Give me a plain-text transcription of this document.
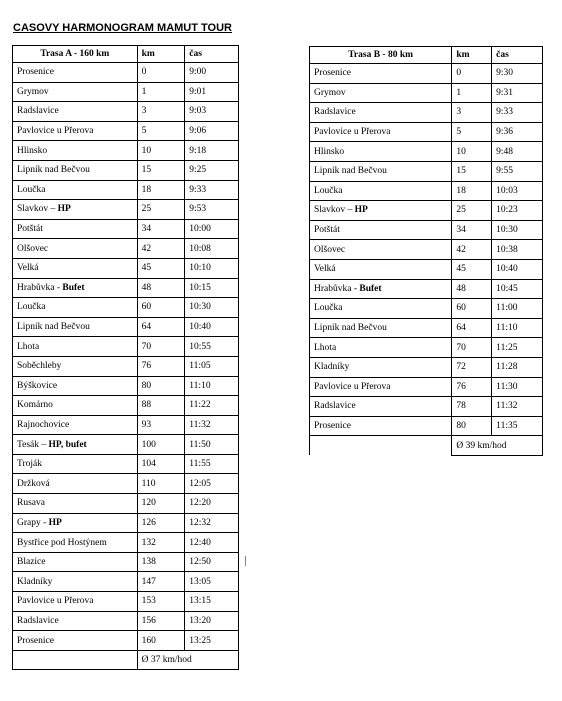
CASOVY HARMONOGRAM MAMUT TOUR
Trasa A - 160 km	km	čas
Prosenice	0	9:00
Grymov	1	9:01
Radslavice	3	9:03
Pavlovice u Přerova	5	9:06
Hlinsko	10	9:18
Lipník nad Bečvou	15	9:25
Loučka	18	9:33
Slavkov – HP	25	9:53
Potštát	34	10:00
Olšovec	42	10:08
Velká	45	10:10
Hrabůvka - Bufet	48	10:15
Loučka	60	10:30
Lipník nad Bečvou	64	10:40
Lhota	70	10:55
Soběchleby	76	11:05
Býškovice	80	11:10
Komárno	88	11:22
Rajnochovice	93	11:32
Tesák – HP, bufet	100	11:50
Troják	104	11:55
Držková	110	12:05
Rusava	120	12:20
Grapy - HP	126	12:32
Bystřice pod Hostýnem	132	12:40
Blazice	138	12:50
Kladníky	147	13:05
Pavlovice u Přerova	153	13:15
Radslavice	156	13:20
Prosenice	160	13:25
	Ø 37 km/hod	
Trasa B - 80 km	km	čas
Prosenice	0	9:30
Grymov	1	9:31
Radslavice	3	9:33
Pavlovice u Přerova	5	9:36
Hlinsko	10	9:48
Lipník nad Bečvou	15	9:55
Loučka	18	10:03
Slavkov – HP	25	10:23
Potštát	34	10:30
Olšovec	42	10:38
Velká	45	10:40
Hrabůvka - Bufet	48	10:45
Loučka	60	11:00
Lipník nad Bečvou	64	11:10
Lhota	70	11:25
Kladníky	72	11:28
Pavlovice u Přerova	76	11:30
Radslavice	78	11:32
Prosenice	80	11:35
	Ø 39 km/hod	
